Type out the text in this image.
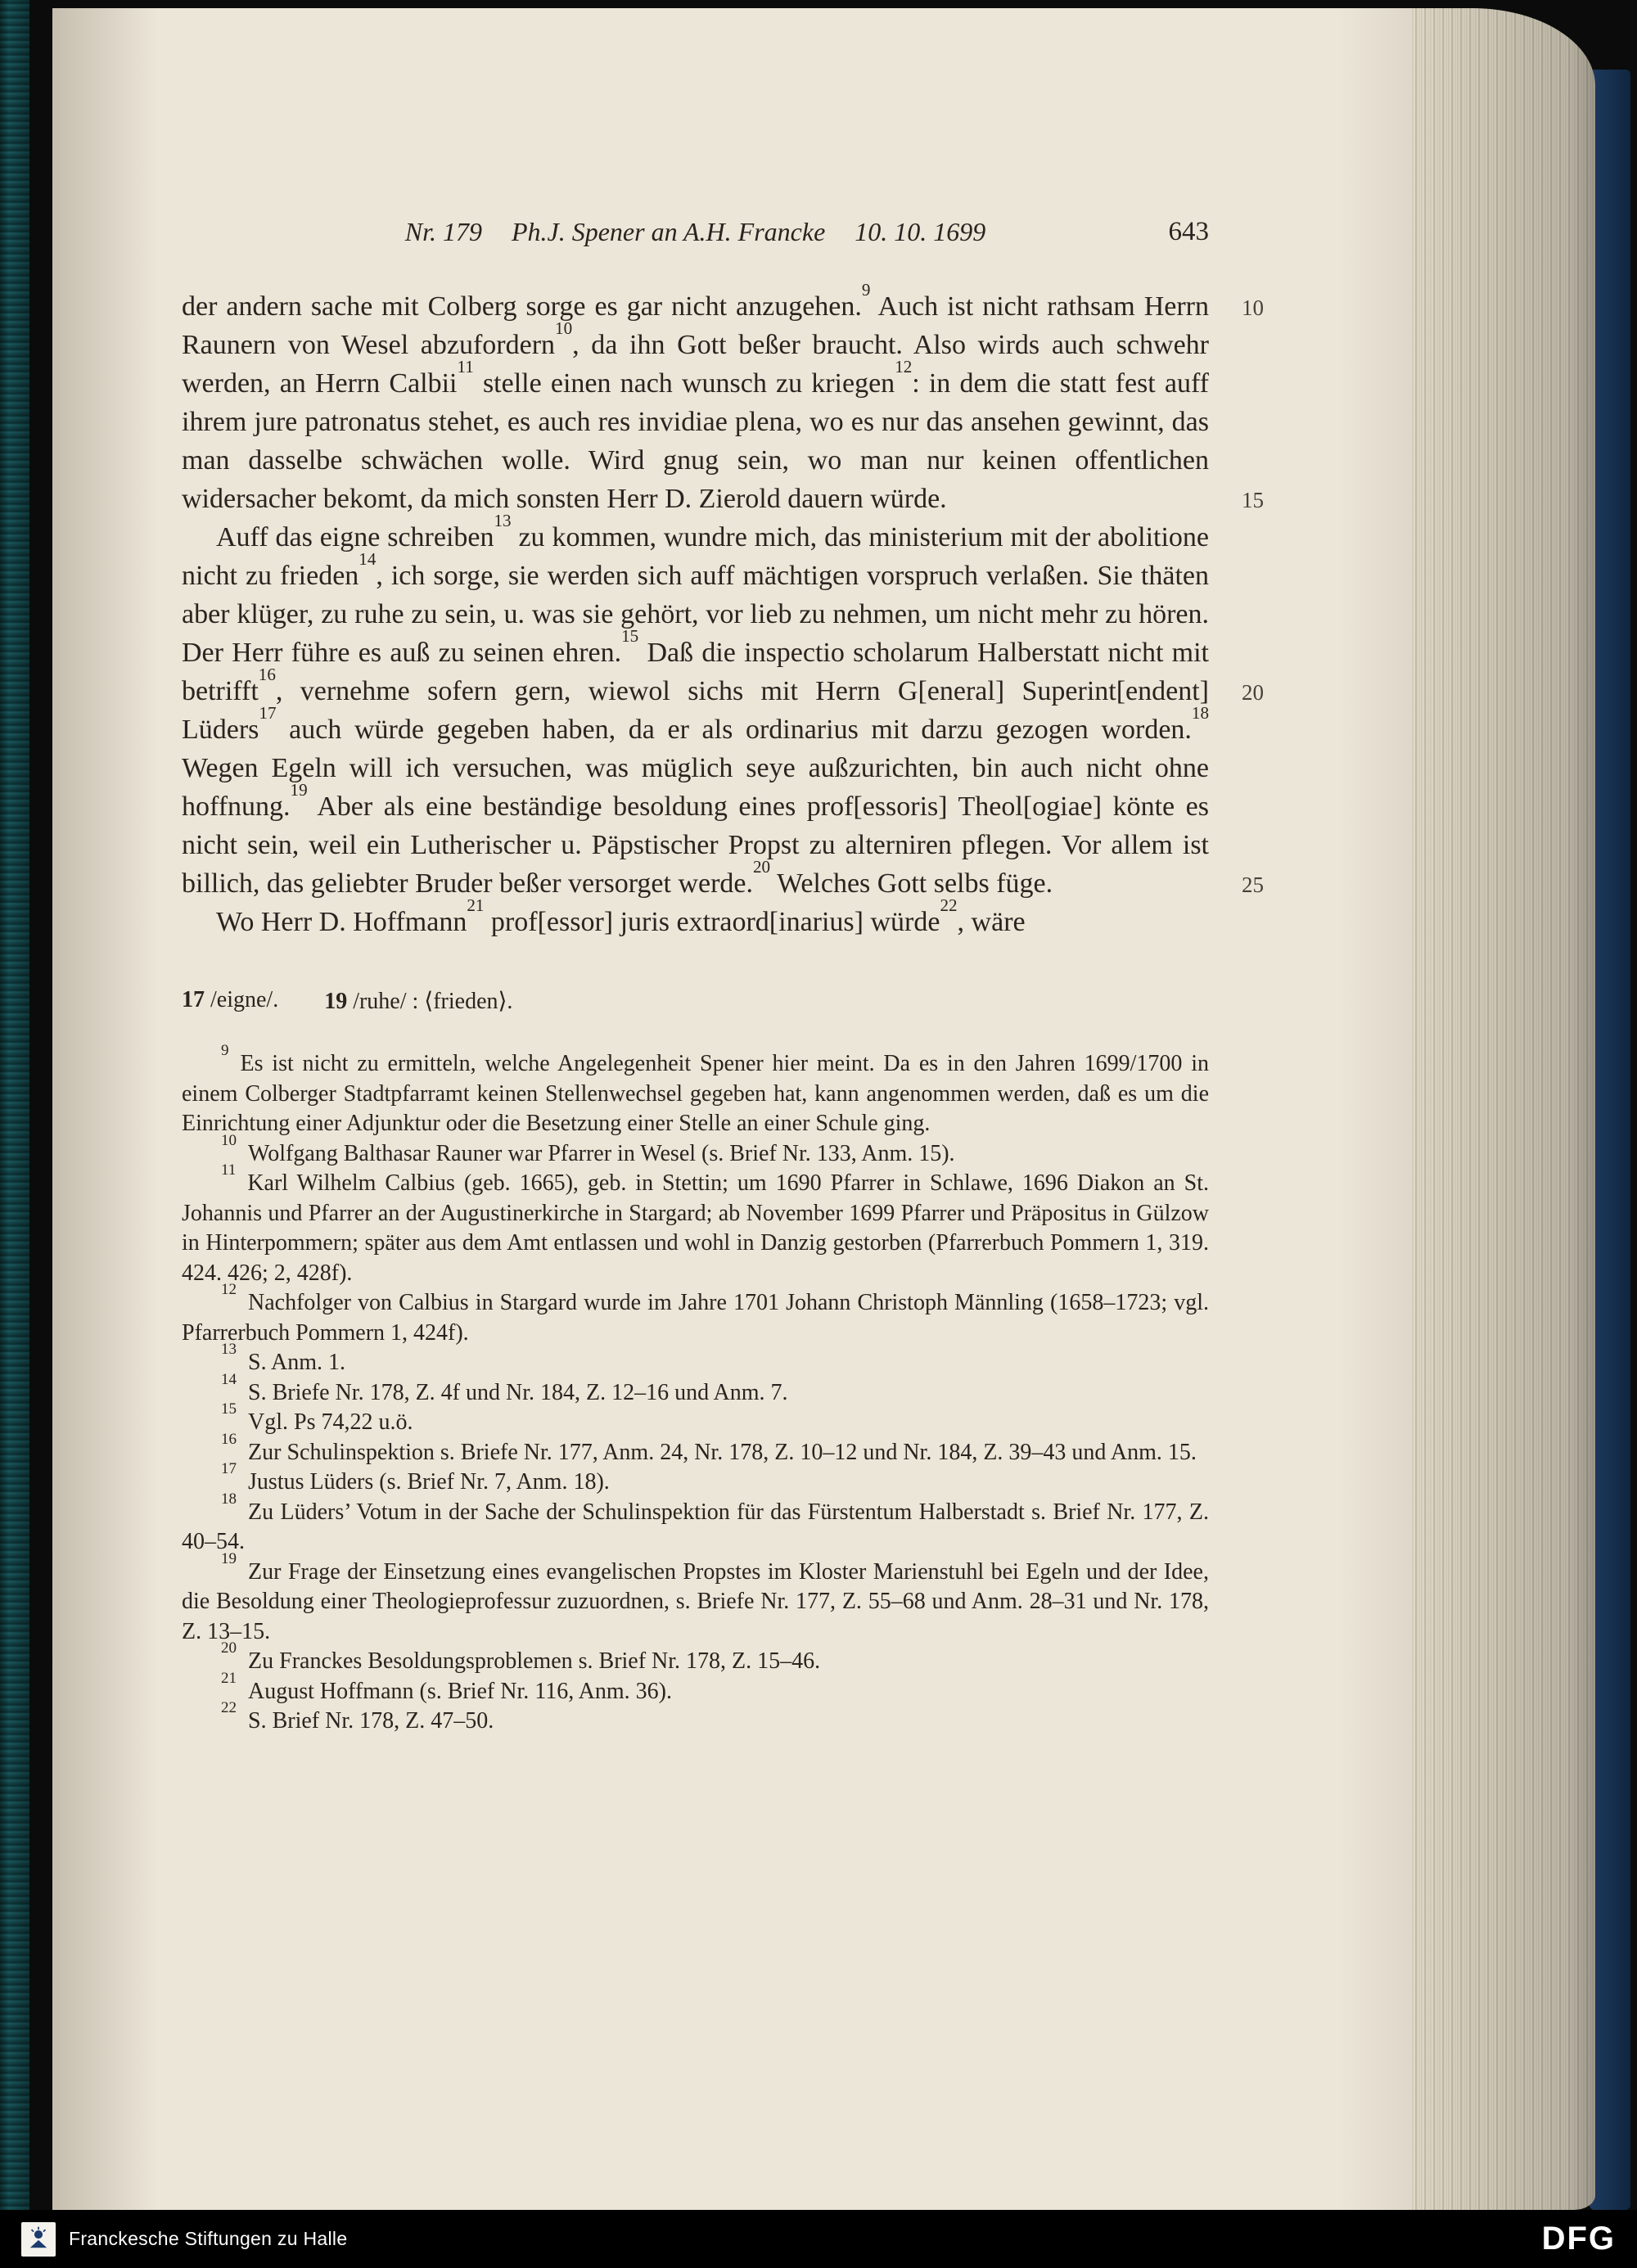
Nr. 179 Ph.J. Spener an A.H. Francke 10. 10. 1699	643

der andern sache mit Colberg sorge es gar nicht anzugehen.$^9$ Auch ist nicht rathsam Herrn Raunern von Wesel abzufordern$^{10}$, da ihn Gott beßer braucht. Also wirds auch schwehr werden, an Herrn Calbii$^{11}$ stelle einen nach wunsch zu kriegen$^{12}$: in dem die statt fest auff ihrem jure patronatus stehet, es auch res invidiae plena, wo es nur das ansehen gewinnt, das man dasselbe schwächen wolle. Wird gnug sein, wo man nur keinen offentlichen widersacher bekomt, da mich sonsten Herr D. Zierold dauern würde.

Auff das eigne schreiben$^{13}$ zu kommen, wundre mich, das ministerium mit der abolitione nicht zu frieden$^{14}$, ich sorge, sie werden sich auff mächtigen vorspruch verlaßen. Sie thäten aber klüger, zu ruhe zu sein, u. was sie gehört, vor lieb zu nehmen, um nicht mehr zu hören. Der Herr führe es auß zu seinen ehren.$^{15}$ Daß die inspectio scholarum Halberstatt nicht mit betrifft$^{16}$, vernehme sofern gern, wiewol sichs mit Herrn G[eneral] Superint[endent] Lüders$^{17}$ auch würde gegeben haben, da er als ordinarius mit darzu gezogen worden.$^{18}$ Wegen Egeln will ich versuchen, was müglich seye außzurichten, bin auch nicht ohne hoffnung.$^{19}$ Aber als eine beständige besoldung eines prof[essoris] Theol[ogiae] könte es nicht sein, weil ein Lutherischer u. Päpstischer Propst zu alterniren pflegen. Vor allem ist billich, das geliebter Bruder beßer versorget werde.$^{20}$ Welches Gott selbs füge.

Wo Herr D. Hoffmann$^{21}$ prof[essor] juris extraord[inarius] würde$^{22}$, wäre

10
15
20
25
17 /eigne/. 19 /ruhe/ : ⟨frieden⟩.
$^9$ Es ist nicht zu ermitteln, welche Angelegenheit Spener hier meint. Da es in den Jahren 1699/1700 in einem Colberger Stadtpfarramt keinen Stellenwechsel gegeben hat, kann angenommen werden, daß es um die Einrichtung einer Adjunktur oder die Besetzung einer Stelle an einer Schule ging.
$^{10}$ Wolfgang Balthasar Rauner war Pfarrer in Wesel (s. Brief Nr. 133, Anm. 15).
$^{11}$ Karl Wilhelm Calbius (geb. 1665), geb. in Stettin; um 1690 Pfarrer in Schlawe, 1696 Diakon an St. Johannis und Pfarrer an der Augustinerkirche in Stargard; ab November 1699 Pfarrer und Präpositus in Gülzow in Hinterpommern; später aus dem Amt entlassen und wohl in Danzig gestorben (Pfarrerbuch Pommern 1, 319. 424. 426; 2, 428f).
$^{12}$ Nachfolger von Calbius in Stargard wurde im Jahre 1701 Johann Christoph Männling (1658–1723; vgl. Pfarrerbuch Pommern 1, 424f).
$^{13}$ S. Anm. 1.
$^{14}$ S. Briefe Nr. 178, Z. 4f und Nr. 184, Z. 12–16 und Anm. 7.
$^{15}$ Vgl. Ps 74,22 u.ö.
$^{16}$ Zur Schulinspektion s. Briefe Nr. 177, Anm. 24, Nr. 178, Z. 10–12 und Nr. 184, Z. 39–43 und Anm. 15.
$^{17}$ Justus Lüders (s. Brief Nr. 7, Anm. 18).
$^{18}$ Zu Lüders’ Votum in der Sache der Schulinspektion für das Fürstentum Halberstadt s. Brief Nr. 177, Z. 40–54.
$^{19}$ Zur Frage der Einsetzung eines evangelischen Propstes im Kloster Marienstuhl bei Egeln und der Idee, die Besoldung einer Theologieprofessur zuzuordnen, s. Briefe Nr. 177, Z. 55–68 und Anm. 28–31 und Nr. 178, Z. 13–15.
$^{20}$ Zu Franckes Besoldungsproblemen s. Brief Nr. 178, Z. 15–46.
$^{21}$ August Hoffmann (s. Brief Nr. 116, Anm. 36).
$^{22}$ S. Brief Nr. 178, Z. 47–50.
Franckesche Stiftungen zu Halle	DFG
